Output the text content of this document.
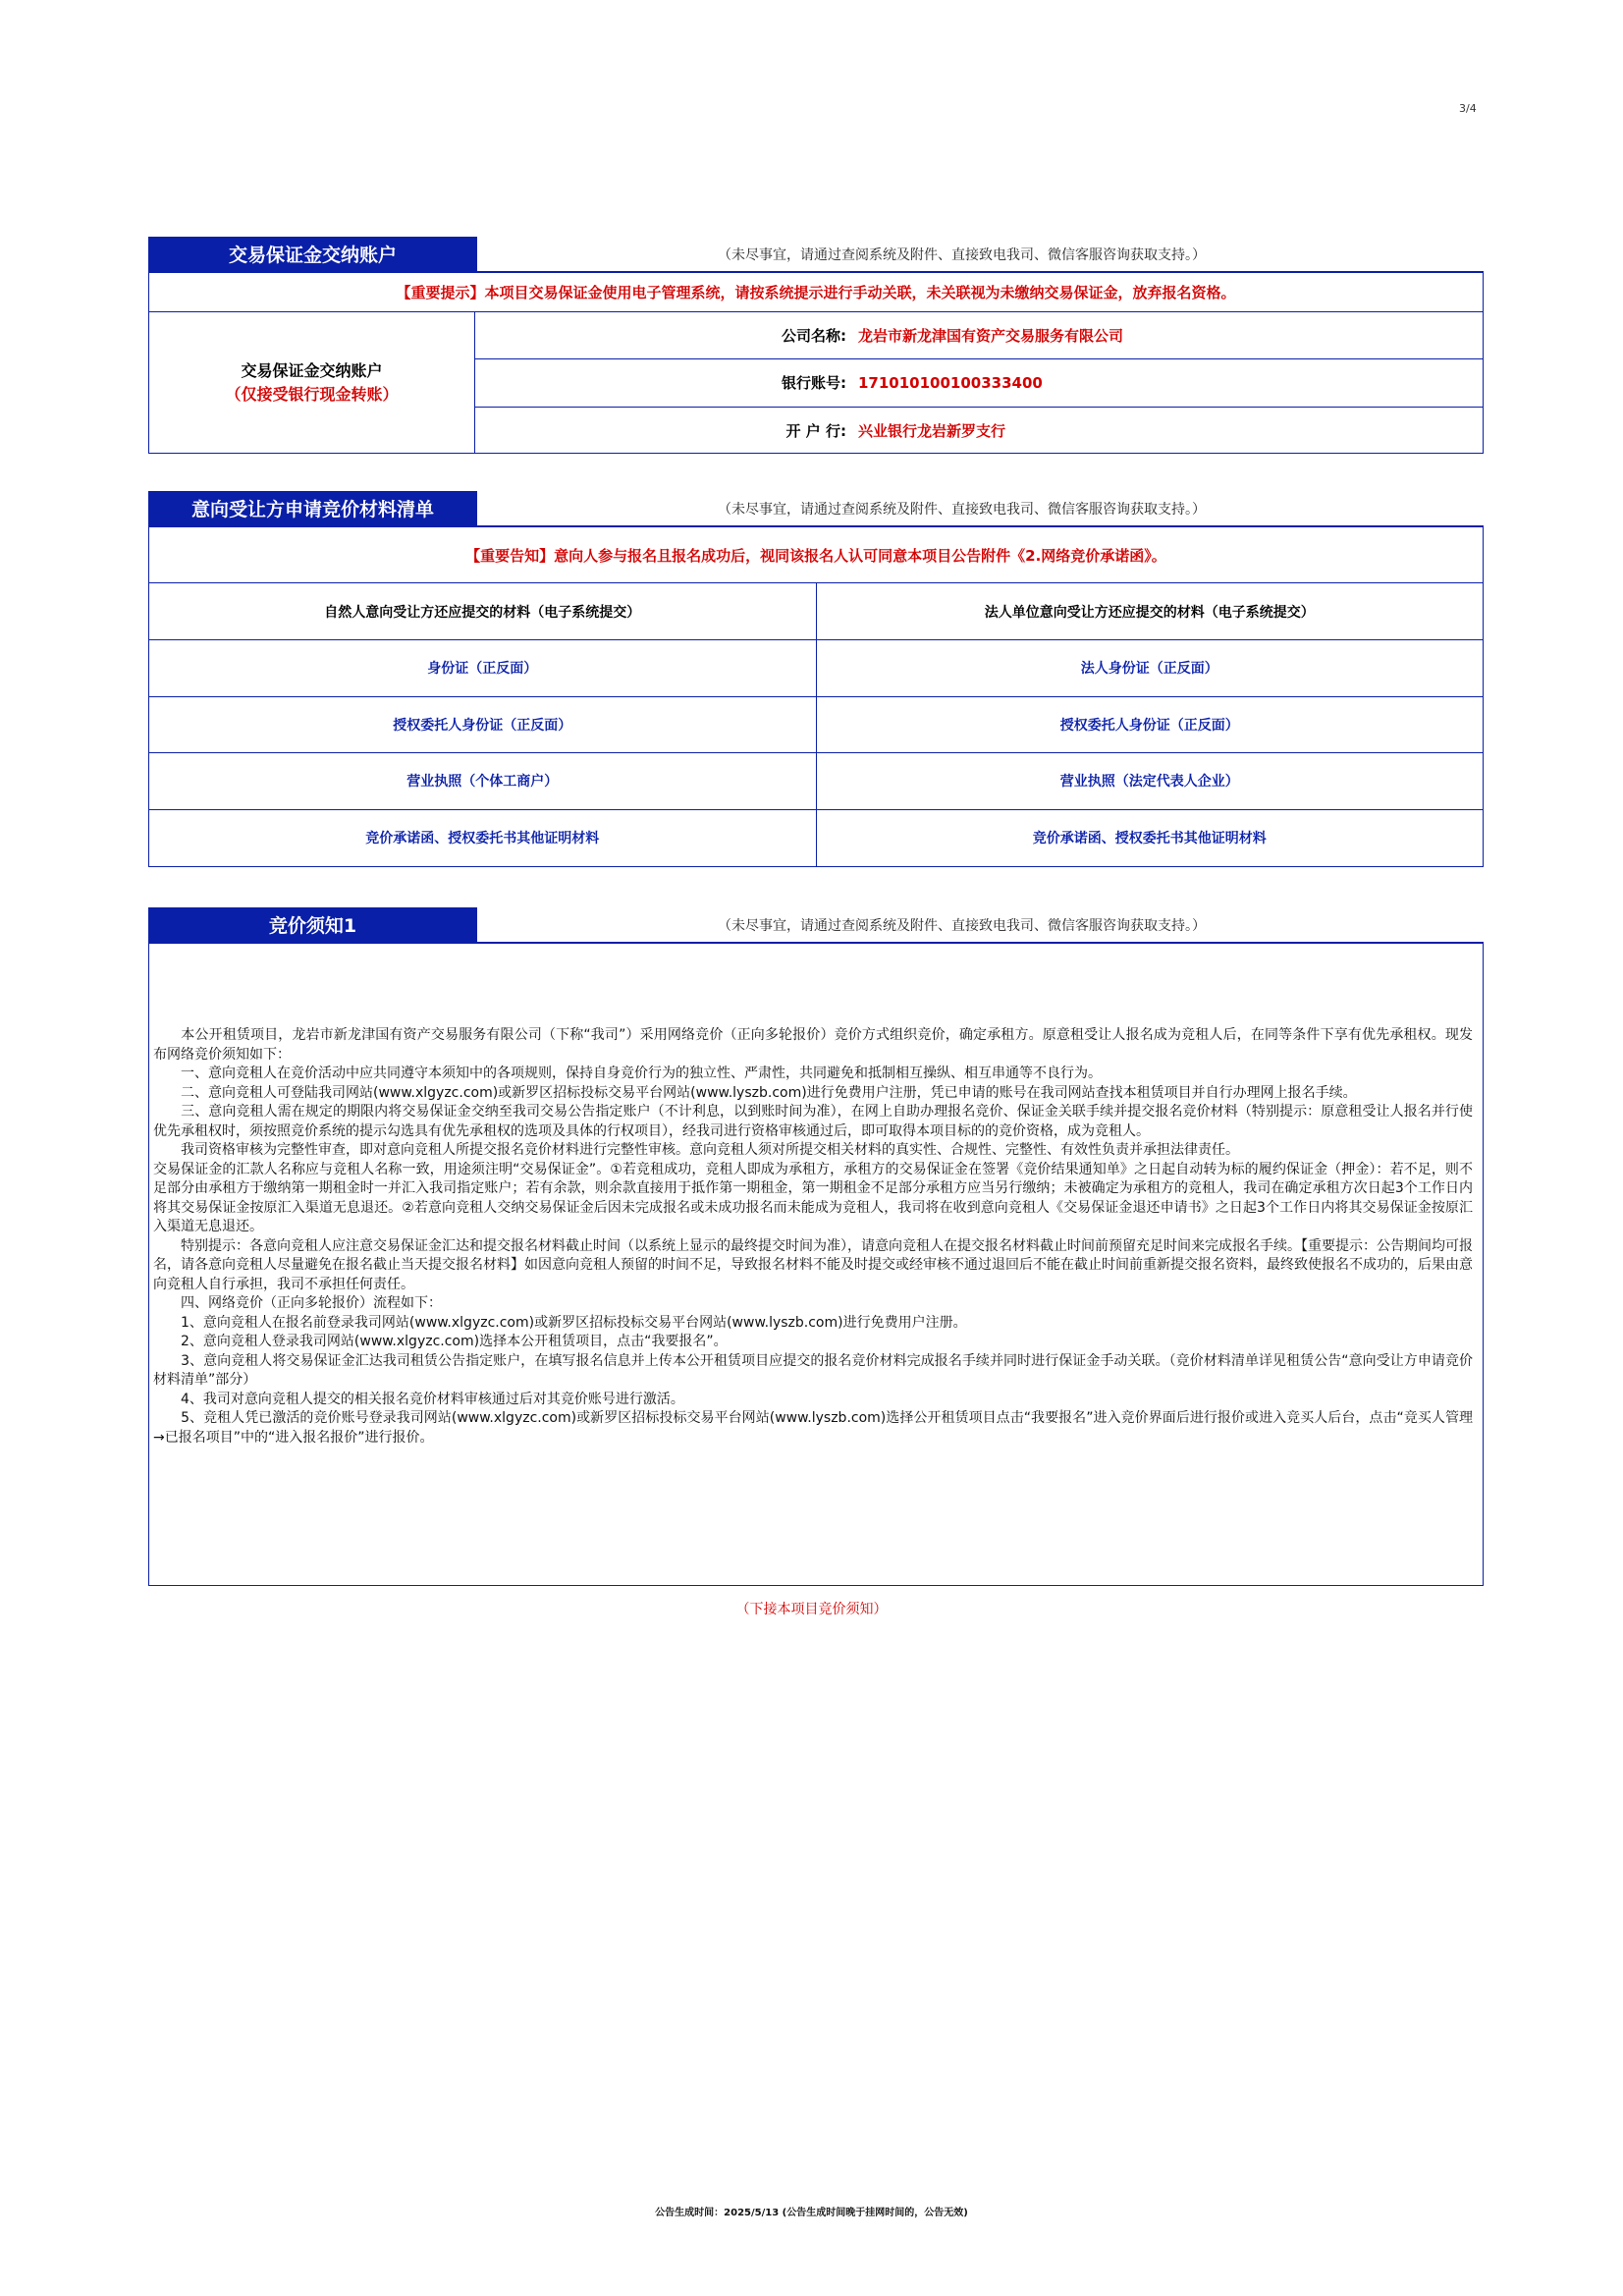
3/4
交易保证金交纳账户	（未尽事宜，请通过查阅系统及附件、直接致电我司、微信客服咨询获取支持。）
【重要提示】本项目交易保证金使用电子管理系统，请按系统提示进行手动关联，未关联视为未缴纳交易保证金，放弃报名资格。
交易保证金交纳账户
（仅接受银行现金转账）
公司名称: 龙岩市新龙津国有资产交易服务有限公司
银行账号: 171010100100333400
开 户 行: 兴业银行龙岩新罗支行
意向受让方申请竞价材料清单	（未尽事宜，请通过查阅系统及附件、直接致电我司、微信客服咨询获取支持。）
【重要告知】意向人参与报名且报名成功后，视同该报名人认可同意本项目公告附件《2.网络竞价承诺函》。
自然人意向受让方还应提交的材料（电子系统提交）	法人单位意向受让方还应提交的材料（电子系统提交）
身份证（正反面）	法人身份证（正反面）
授权委托人身份证（正反面）	授权委托人身份证（正反面）
营业执照（个体工商户）	营业执照（法定代表人企业）
竞价承诺函、授权委托书其他证明材料	竞价承诺函、授权委托书其他证明材料
竞价须知1	（未尽事宜，请通过查阅系统及附件、直接致电我司、微信客服咨询获取支持。）

　　本公开租赁项目，龙岩市新龙津国有资产交易服务有限公司（下称“我司”）采用网络竞价（正向多轮报价）竞价方式组织竞价，确定承租方。原意租受让人报名成为竞租人后，在同等条件下享有优先承租权。现发布网络竞价须知如下：

　　一、意向竞租人在竞价活动中应共同遵守本须知中的各项规则，保持自身竞价行为的独立性、严肃性，共同避免和抵制相互操纵、相互串通等不良行为。

　　二、意向竞租人可登陆我司网站(www.xlgyzc.com)或新罗区招标投标交易平台网站(www.lyszb.com)进行免费用户注册，凭已申请的账号在我司网站查找本租赁项目并自行办理网上报名手续。

　　三、意向竞租人需在规定的期限内将交易保证金交纳至我司交易公告指定账户（不计利息，以到账时间为准），在网上自助办理报名竞价、保证金关联手续并提交报名竞价材料（特别提示：原意租受让人报名并行使优先承租权时，须按照竞价系统的提示勾选具有优先承租权的选项及具体的行权项目），经我司进行资格审核通过后，即可取得本项目标的的竞价资格，成为竞租人。

　　我司资格审核为完整性审查，即对意向竞租人所提交报名竞价材料进行完整性审核。意向竞租人须对所提交相关材料的真实性、合规性、完整性、有效性负责并承担法律责任。

交易保证金的汇款人名称应与竞租人名称一致，用途须注明“交易保证金”。①若竞租成功，竞租人即成为承租方，承租方的交易保证金在签署《竞价结果通知单》之日起自动转为标的履约保证金（押金）：若不足，则不足部分由承租方于缴纳第一期租金时一并汇入我司指定账户；若有余款，则余款直接用于抵作第一期租金，第一期租金不足部分承租方应当另行缴纳；未被确定为承租方的竞租人，我司在确定承租方次日起3个工作日内将其交易保证金按原汇入渠道无息退还。②若意向竞租人交纳交易保证金后因未完成报名或未成功报名而未能成为竞租人，我司将在收到意向竞租人《交易保证金退还申请书》之日起3个工作日内将其交易保证金按原汇入渠道无息退还。

　　特别提示：各意向竞租人应注意交易保证金汇达和提交报名材料截止时间（以系统上显示的最终提交时间为准），请意向竞租人在提交报名材料截止时间前预留充足时间来完成报名手续。【重要提示：公告期间均可报名，请各意向竞租人尽量避免在报名截止当天提交报名材料】如因意向竞租人预留的时间不足，导致报名材料不能及时提交或经审核不通过退回后不能在截止时间前重新提交报名资料，最终致使报名不成功的，后果由意向竞租人自行承担，我司不承担任何责任。

　　四、网络竞价（正向多轮报价）流程如下：

　　1、意向竞租人在报名前登录我司网站(www.xlgyzc.com)或新罗区招标投标交易平台网站(www.lyszb.com)进行免费用户注册。

　　2、意向竞租人登录我司网站(www.xlgyzc.com)选择本公开租赁项目，点击“我要报名”。

　　3、意向竞租人将交易保证金汇达我司租赁公告指定账户，在填写报名信息并上传本公开租赁项目应提交的报名竞价材料完成报名手续并同时进行保证金手动关联。（竞价材料清单详见租赁公告“意向受让方申请竞价材料清单”部分）

　　4、我司对意向竞租人提交的相关报名竞价材料审核通过后对其竞价账号进行激活。

　　5、竞租人凭已激活的竞价账号登录我司网站(www.xlgyzc.com)或新罗区招标投标交易平台网站(www.lyszb.com)选择公开租赁项目点击“我要报名”进入竞价界面后进行报价或进入竞买人后台，点击“竞买人管理→已报名项目”中的“进入报名报价”进行报价。

（下接本项目竞价须知）
公告生成时间：2025/5/13 (公告生成时间晚于挂网时间的，公告无效)
